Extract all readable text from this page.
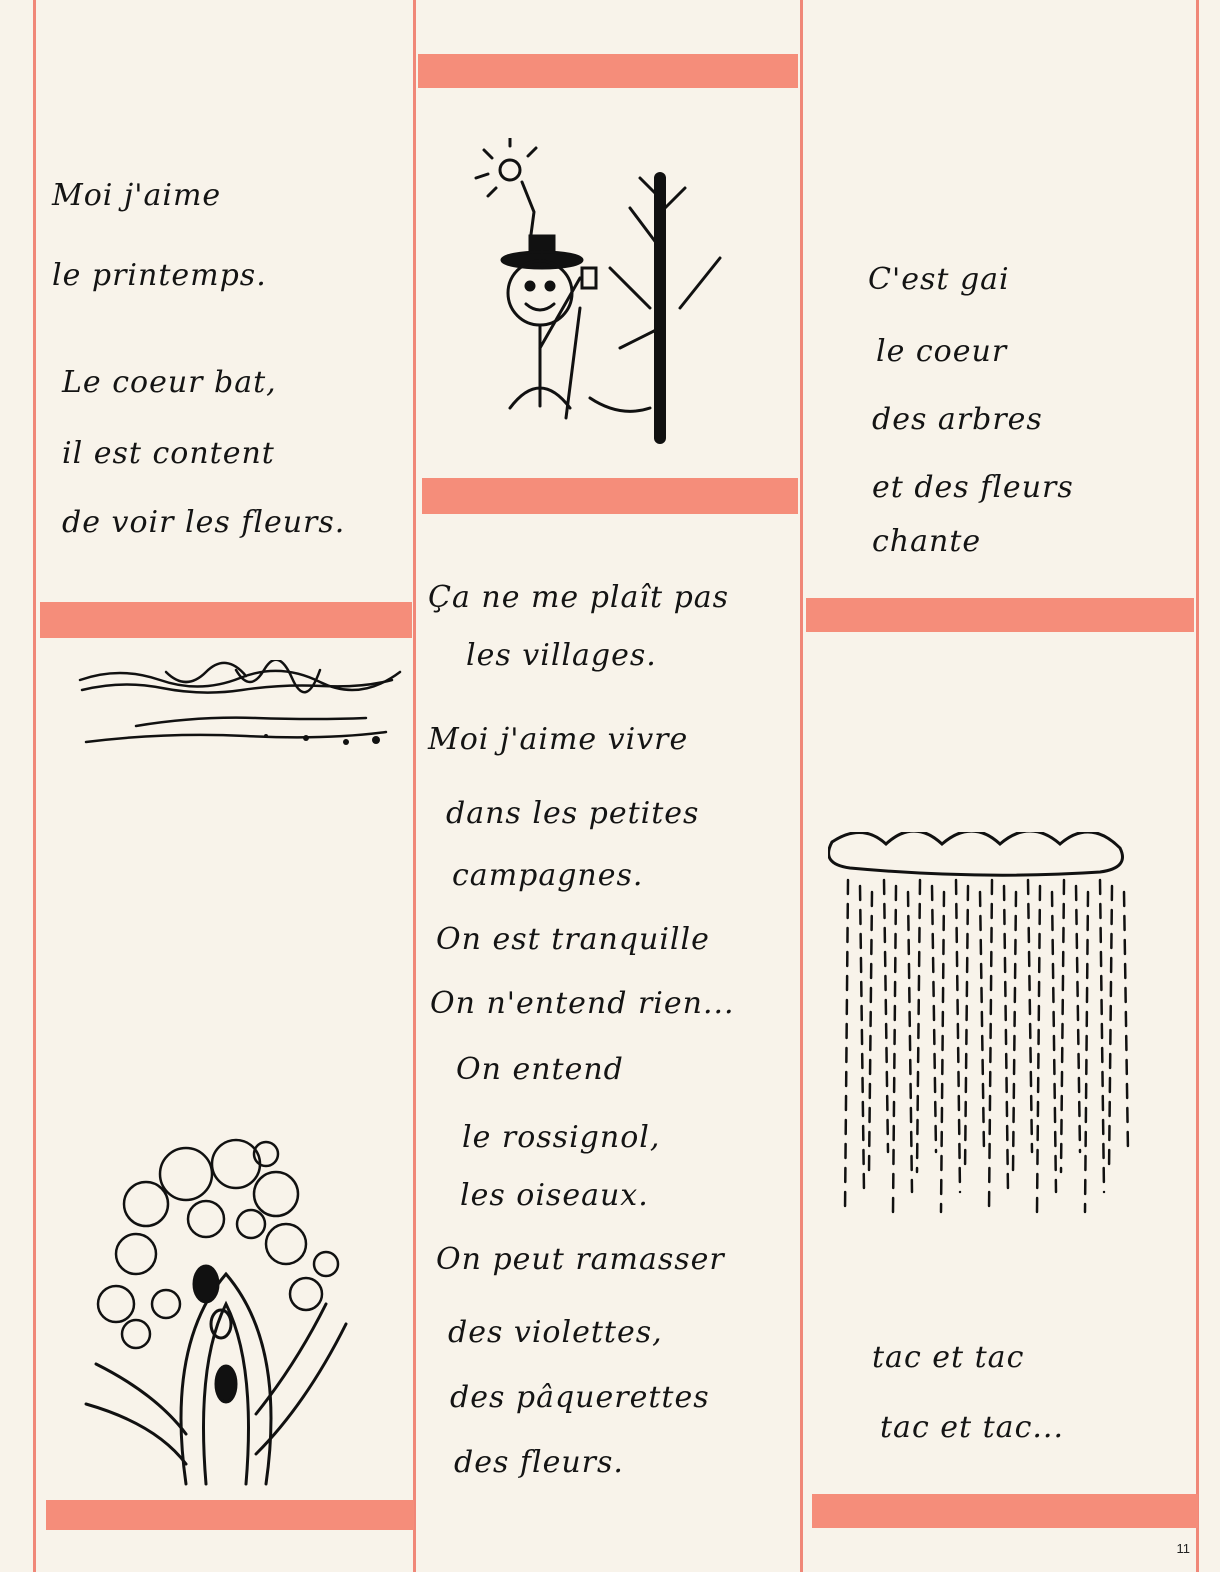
Moi j'aime
le printemps.
Le coeur bat,
il est content
de voir les fleurs.
Ça ne me plaît pas
les villages.
Moi j'aime vivre
dans les petites
campagnes.
On est tranquille
On n'entend rien...
On entend
le rossignol,
les oiseaux.
On peut ramasser
des violettes,
des pâquerettes
des fleurs.
C'est gai
le coeur
des arbres
et des fleurs
chante
tac et tac
tac et tac...
11
